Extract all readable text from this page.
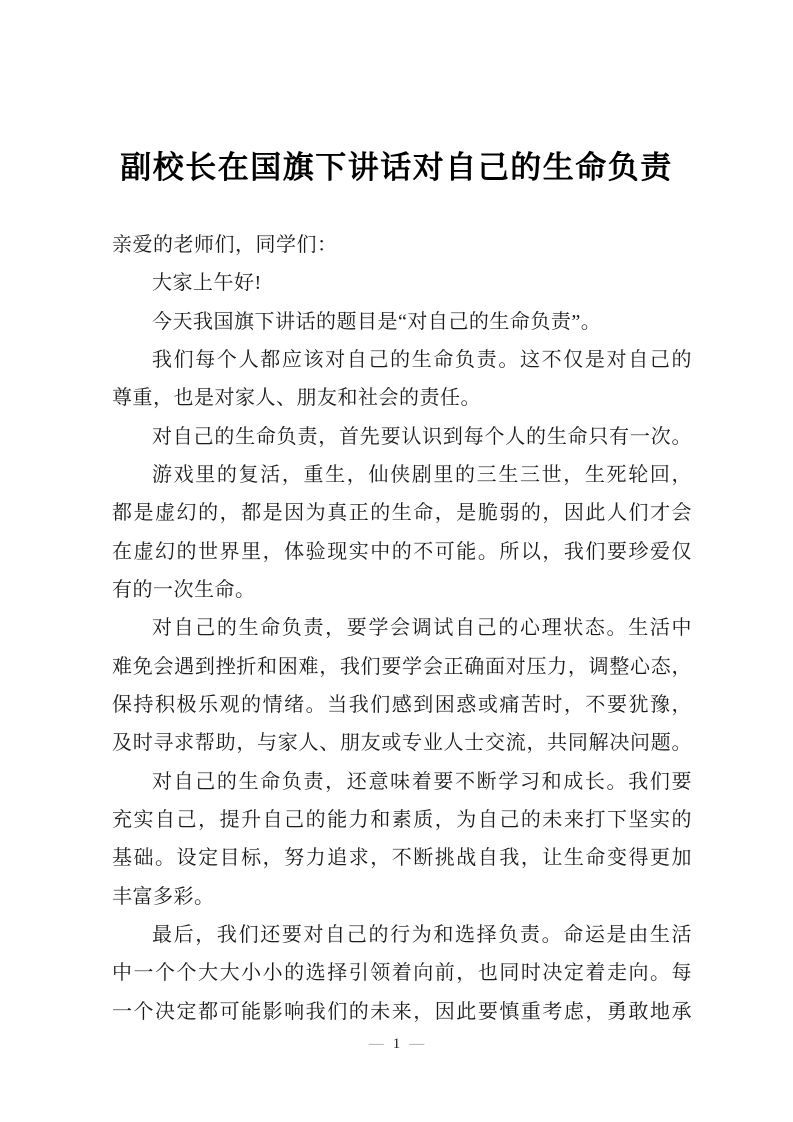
副校长在国旗下讲话对自己的生命负责
亲爱的老师们，同学们：
大家上午好!
今天我国旗下讲话的题目是“对自己的生命负责”。
我们每个人都应该对自己的生命负责。这不仅是对自己的
尊重，也是对家人、朋友和社会的责任。
对自己的生命负责，首先要认识到每个人的生命只有一次。
游戏里的复活，重生，仙侠剧里的三生三世，生死轮回，
都是虚幻的，都是因为真正的生命，是脆弱的，因此人们才会
在虚幻的世界里，体验现实中的不可能。所以，我们要珍爱仅
有的一次生命。
对自己的生命负责，要学会调试自己的心理状态。生活中
难免会遇到挫折和困难，我们要学会正确面对压力，调整心态，
保持积极乐观的情绪。当我们感到困惑或痛苦时，不要犹豫，
及时寻求帮助，与家人、朋友或专业人士交流，共同解决问题。
对自己的生命负责，还意味着要不断学习和成长。我们要
充实自己，提升自己的能力和素质，为自己的未来打下坚实的
基础。设定目标，努力追求，不断挑战自我，让生命变得更加
丰富多彩。
最后，我们还要对自己的行为和选择负责。命运是由生活
中一个个大大小小的选择引领着向前，也同时决定着走向。每
一个决定都可能影响我们的未来，因此要慎重考虑，勇敢地承
— 1 —
